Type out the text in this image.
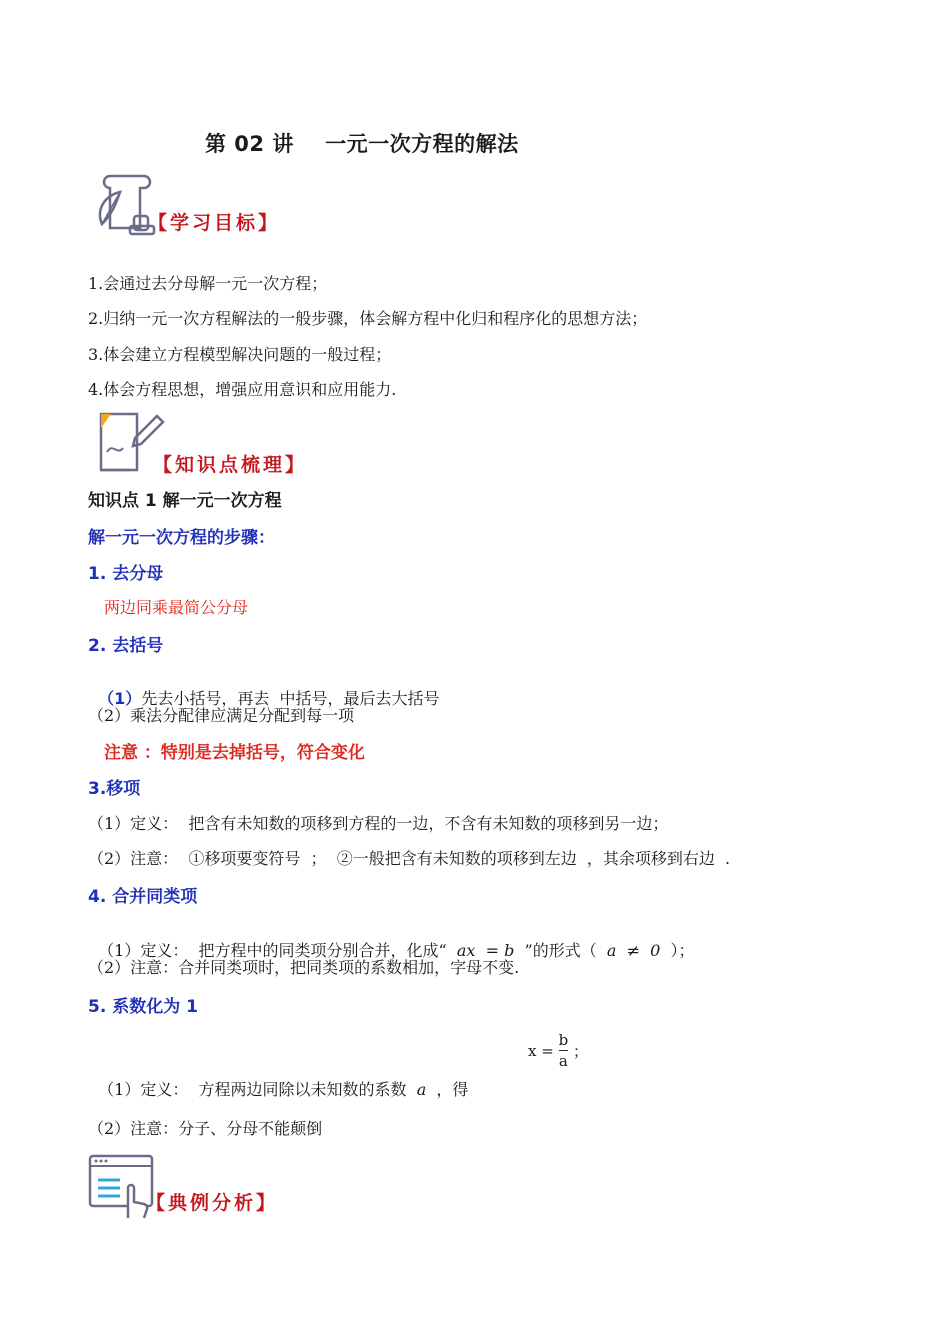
第 02 讲    一元一次方程的解法
【学习目标】
1.会通过去分母解一元一次方程；
2.归纳一元一次方程解法的一般步骤，体会解方程中化归和程序化的思想方法；
3.体会建立方程模型解决问题的一般过程；
4.体会方程思想，增强应用意识和应用能力.
【知识点梳理】
知识点 1 解一元一次方程
解一元一次方程的步骤：
1. 去分母
两边同乘最简公分母
2. 去括号

（1）先去小括号，再去  中括号，最后去大括号

（2）乘法分配律应满足分配到每一项
注意 ：特别是去掉括号，符合变化
3.移项
（1）定义：  把含有未知数的项移到方程的一边，不含有未知数的项移到另一边；
（2）注意：  ①移项要变符号  ；  ②一般把含有未知数的项移到左边  ，其余项移到右边  .
4. 合并同类项

（1）定义：  把方程中的同类项分别合并，化成“ ax  = b ”的形式（ a  ≠  0 ）；

（2）注意：合并同类项时，把同类项的系数相加，字母不变.
5. 系数化为 1

（1）定义：  方程两边同除以未知数的系数 a ，得

$x = \frac{b}{a}$ ；
（2）注意：分子、分母不能颠倒
【典例分析】
